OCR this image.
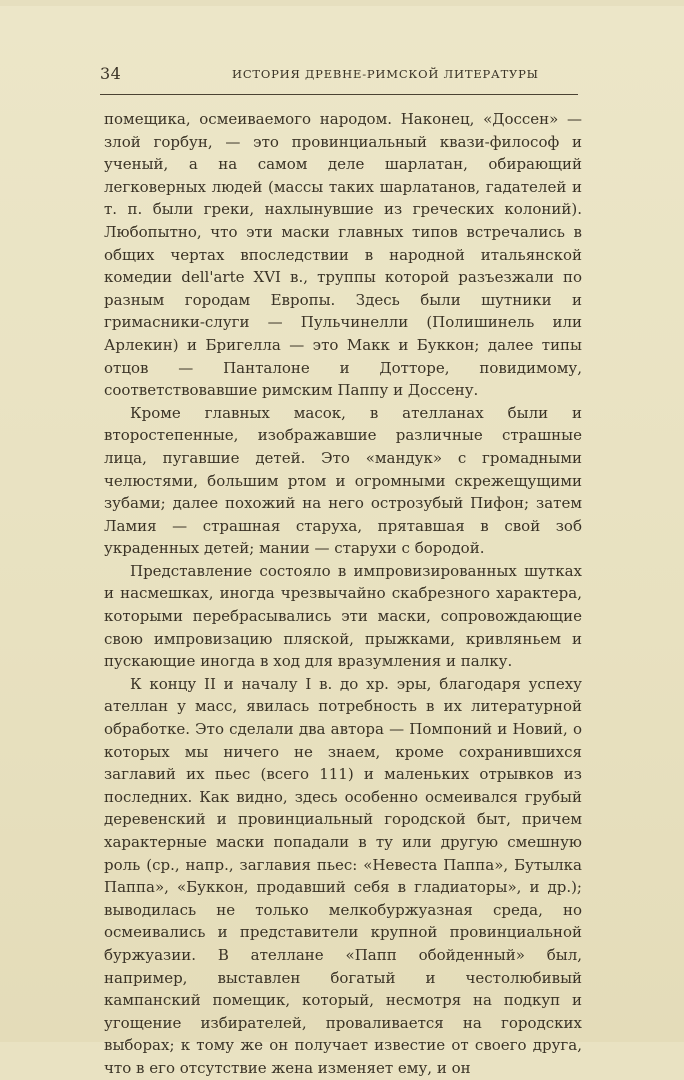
34	ИСТОРИЯ ДРЕВНЕ-РИМСКОЙ ЛИТЕРАТУРЫ

помещика, осмеиваемого народом. Наконец, «Доссен» — злой горбун, — это провинциальный квази-философ и ученый, а на самом деле шарлатан, обирающий легковерных людей (массы таких шарлатанов, гадателей и т. п. были греки, нахлынувшие из греческих колоний). Любопытно, что эти маски главных типов встречались в общих чертах впоследствии в народной итальянской комедии dell'arte XVI в., труппы которой разъезжали по разным городам Европы. Здесь были шутники и гримасники-слуги — Пульчинелли (Полишинель или Арлекин) и Бригелла — это Макк и Буккон; далее типы отцов — Панталоне и Дотторе, повидимому, соответствовавшие римским Паппу и Доссену.

Кроме главных масок, в ателланах были и второстепенные, изображавшие различные страшные лица, пугавшие детей. Это «мандук» с громадными челюстями, большим ртом и огромными скрежещущими зубами; далее похожий на него острозубый Пифон; затем Ламия — страшная старуха, прятавшая в свой зоб украденных детей; мании — старухи с бородой.

Представление состояло в импровизированных шутках и насмешках, иногда чрезвычайно скабрезного характера, которыми перебрасывались эти маски, сопровождающие свою импровизацию пляской, прыжками, кривляньем и пускающие иногда в ход для вразумления и палку.

К концу II и началу I в. до хр. эры, благодаря успеху ателлан у масс, явилась потребность в их литературной обработке. Это сделали два автора — Помпоний и Новий, о которых мы ничего не знаем, кроме сохранившихся заглавий их пьес (всего 111) и маленьких отрывков из последних. Как видно, здесь особенно осмеивался грубый деревенский и провинциальный городской быт, причем характерные маски попадали в ту или другую смешную роль (ср., напр., заглавия пьес: «Невеста Паппа», Бутылка Паппа», «Буккон, продавший себя в гладиаторы», и др.); выводилась не только мелкобуржуазная среда, но осмеивались и представители крупной провинциальной буржуазии. В ателлане «Папп обойденный» был, например, выставлен богатый и честолюбивый кампанский помещик, который, несмотря на подкуп и угощение избирателей, проваливается на городских выборах; к тому же он получает известие от своего друга, что в его отсутствие жена изменяет ему, и он
